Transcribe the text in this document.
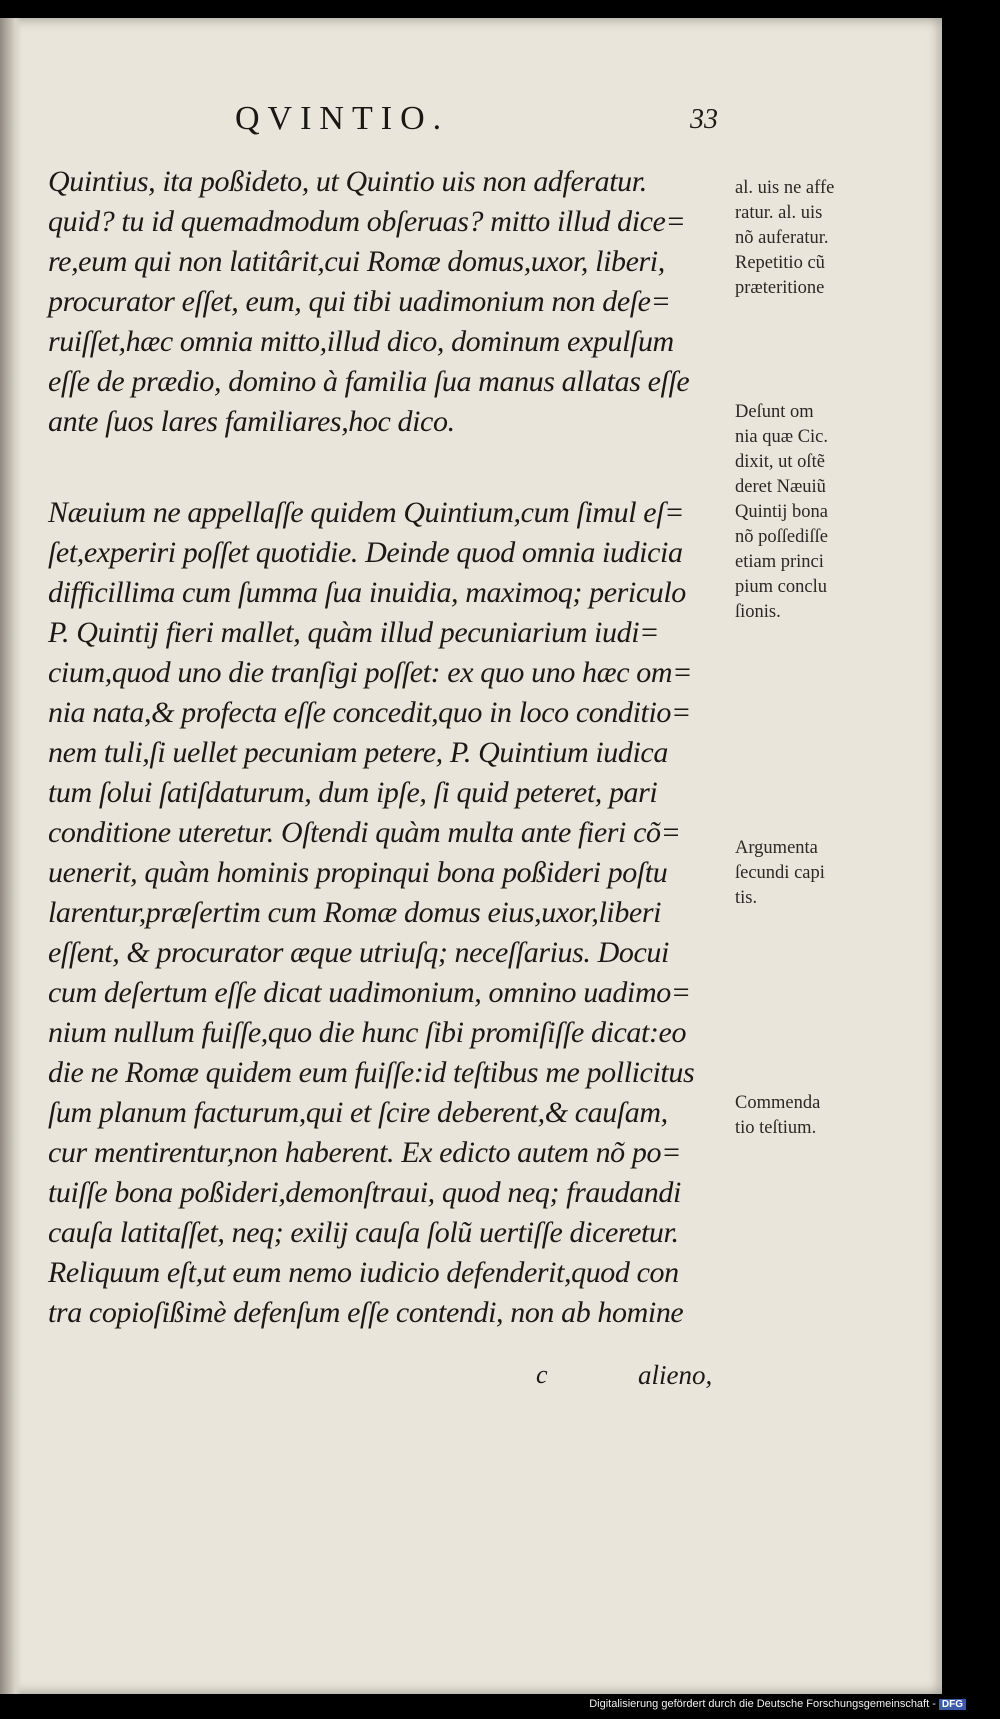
QVINTIO.	33
Quintius, ita poßideto, ut Quintio uis non adferatur.
quid? tu id quemadmodum obſeruas? mitto illud dice=
re,eum qui non latitârit,cui Romæ domus,uxor, liberi,
procurator eſſet, eum, qui tibi uadimonium non deſe=
ruiſſet,hæc omnia mitto,illud dico, dominum expulſum
eſſe de prædio, domino à familia ſua manus allatas eſſe
ante ſuos lares familiares,hoc dico.
Næuium ne appellaſſe quidem Quintium,cum ſimul eſ=
ſet,experiri poſſet quotidie. Deinde quod omnia iudicia
difficillima cum ſumma ſua inuidia, maximoq; periculo
P. Quintij fieri mallet, quàm illud pecuniarium iudi=
cium,quod uno die tranſigi poſſet: ex quo uno hæc om=
nia nata,& profecta eſſe concedit,quo in loco conditio=
nem tuli,ſi uellet pecuniam petere, P. Quintium iudica
tum ſolui ſatiſdaturum, dum ipſe, ſi quid peteret, pari
conditione uteretur. Oſtendi quàm multa ante fieri cõ=
uenerit, quàm hominis propinqui bona poßideri poſtu
larentur,præſertim cum Romæ domus eius,uxor,liberi
eſſent, & procurator æque utriuſq; neceſſarius. Docui
cum deſertum eſſe dicat uadimonium, omnino uadimo=
nium nullum fuiſſe,quo die hunc ſibi promiſiſſe dicat:eo
die ne Romæ quidem eum fuiſſe:id teſtibus me pollicitus
ſum planum facturum,qui et ſcire deberent,& cauſam,
cur mentirentur,non haberent. Ex edicto autem nõ po=
tuiſſe bona poßideri,demonſtraui, quod neq; fraudandi
cauſa latitaſſet, neq; exilij cauſa ſolũ uertiſſe diceretur.
Reliquum eſt,ut eum nemo iudicio defenderit,quod con
tra copioſißimè defenſum eſſe contendi, non ab homine
c	alieno,
al. uis ne affe
ratur. al. uis
nõ auferatur.
Repetitio cũ
præteritione
Deſunt om
nia quæ Cic.
dixit, ut oſtẽ
deret Næuiũ
Quintij bona
nõ poſſediſſe
etiam princi
pium conclu
ſionis.
Argumenta
ſecundi capi
tis.
Commenda
tio teſtium.
Digitalisierung gefördert durch die Deutsche Forschungsgemeinschaft - DFG
